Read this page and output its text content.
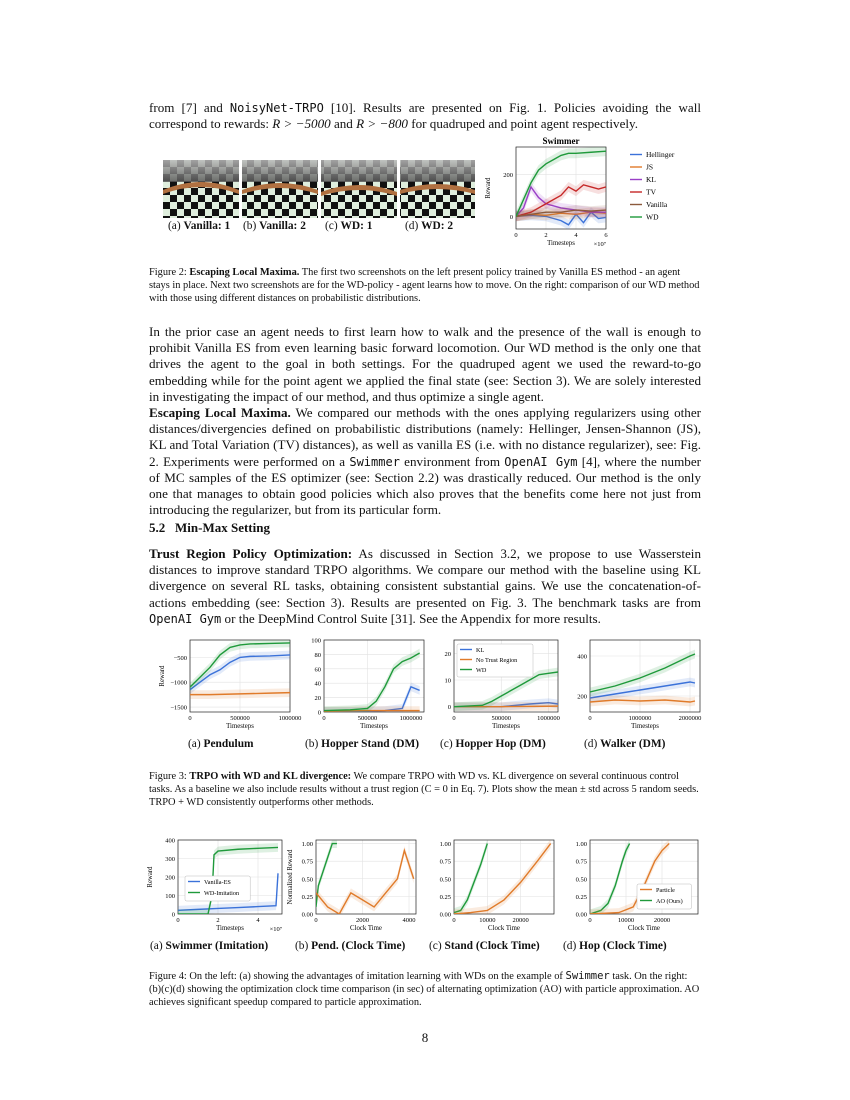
from [7] and NoisyNet-TRPO [10]. Results are presented on Fig. 1. Policies avoiding the wall correspond to rewards: R > −5000 and R > −800 for quadruped and point agent respectively.

(a) Vanilla: 1 (b) Vanilla: 2 (c) WD: 1	(d) WD: 2
Swimmer
0
200
0	2	4	6
Timesteps	×10⁷
Reward
Hellinger
JS
KL
TV
Vanilla
WD

Figure 2: Escaping Local Maxima. The first two screenshots on the left present policy trained by Vanilla ES method - an agent stays in place. Next two screenshots are for the WD-policy - agent learns how to move. On the right: comparison of our WD method with those using different distances on probabilistic distributions.

In the prior case an agent needs to first learn how to walk and the presence of the wall is enough to prohibit Vanilla ES from even learning basic forward locomotion. Our WD method is the only one that drives the agent to the goal in both settings. For the quadruped agent we used the reward-to-go embedding while for the point agent we applied the final state (see: Section 3). We are solely interested in investigating the impact of our method, and thus optimize a single agent.

Escaping Local Maxima. We compared our methods with the ones applying regularizers using other distances/divergencies defined on probabilistic distributions (namely: Hellinger, Jensen-Shannon (JS), KL and Total Variation (TV) distances), as well as vanilla ES (i.e. with no distance regularizer), see: Fig. 2. Experiments were performed on a Swimmer environment from OpenAI Gym [4], where the number of MC samples of the ES optimizer (see: Section 2.2) was drastically reduced. Our method is the only one that manages to obtain good policies which also proves that the benefits come here not just from introducing the regularizer, but from its particular form.

5.2 Min-Max Setting

Trust Region Policy Optimization: As discussed in Section 3.2, we propose to use Wasserstein distances to improve standard TRPO algorithms. We compare our method with the baseline using KL divergence on several RL tasks, obtaining consistent substantial gains. We use the concatenation-of-actions embedding (see: Section 3). Results are presented on Fig. 3. The benchmark tasks are from OpenAI Gym or the DeepMind Control Suite [31]. See the Appendix for more results.

−500
−1000
−1500
0	500000	1000000
Timesteps
Reward
0
20
40
60
80
100
0	500000	1000000
Timesteps
0
10
20
0	500000	1000000
Timesteps
KL
No Trust Region
WD
200
400
0	1000000	2000000
Timesteps
(a) Pendulum	(b) Hopper Stand (DM) (c) Hopper Hop (DM)	(d) Walker (DM)

Figure 3: TRPO with WD and KL divergence: We compare TRPO with WD vs. KL divergence on several continuous control tasks. As a baseline we also include results without a trust region (C = 0 in Eq. 7). Plots show the mean ± std across 5 random seeds. TRPO + WD consistently outperforms other methods.

0
100
200
300
400
0	2	4
Timesteps	×10⁷
Reward	Vanilla-ES
WD-Imitation
0.00
0.25
0.50
0.75
1.00
0	2000	4000
Clock Time
Normalized Reward
0.00
0.25
0.50
0.75
1.00
0	10000	20000
Clock Time
0.00
0.25
0.50
0.75
1.00
0	10000	20000
Clock Time
Particle
AO (Ours)
(a) Swimmer (Imitation) (b) Pend. (Clock Time) (c) Stand (Clock Time) (d) Hop (Clock Time)

Figure 4: On the left: (a) showing the advantages of imitation learning with WDs on the example of Swimmer task. On the right: (b)(c)(d) showing the optimization clock time comparison (in sec) of alternating optimization (AO) with particle approximation. AO achieves significant speedup compared to particle approximation.

8
